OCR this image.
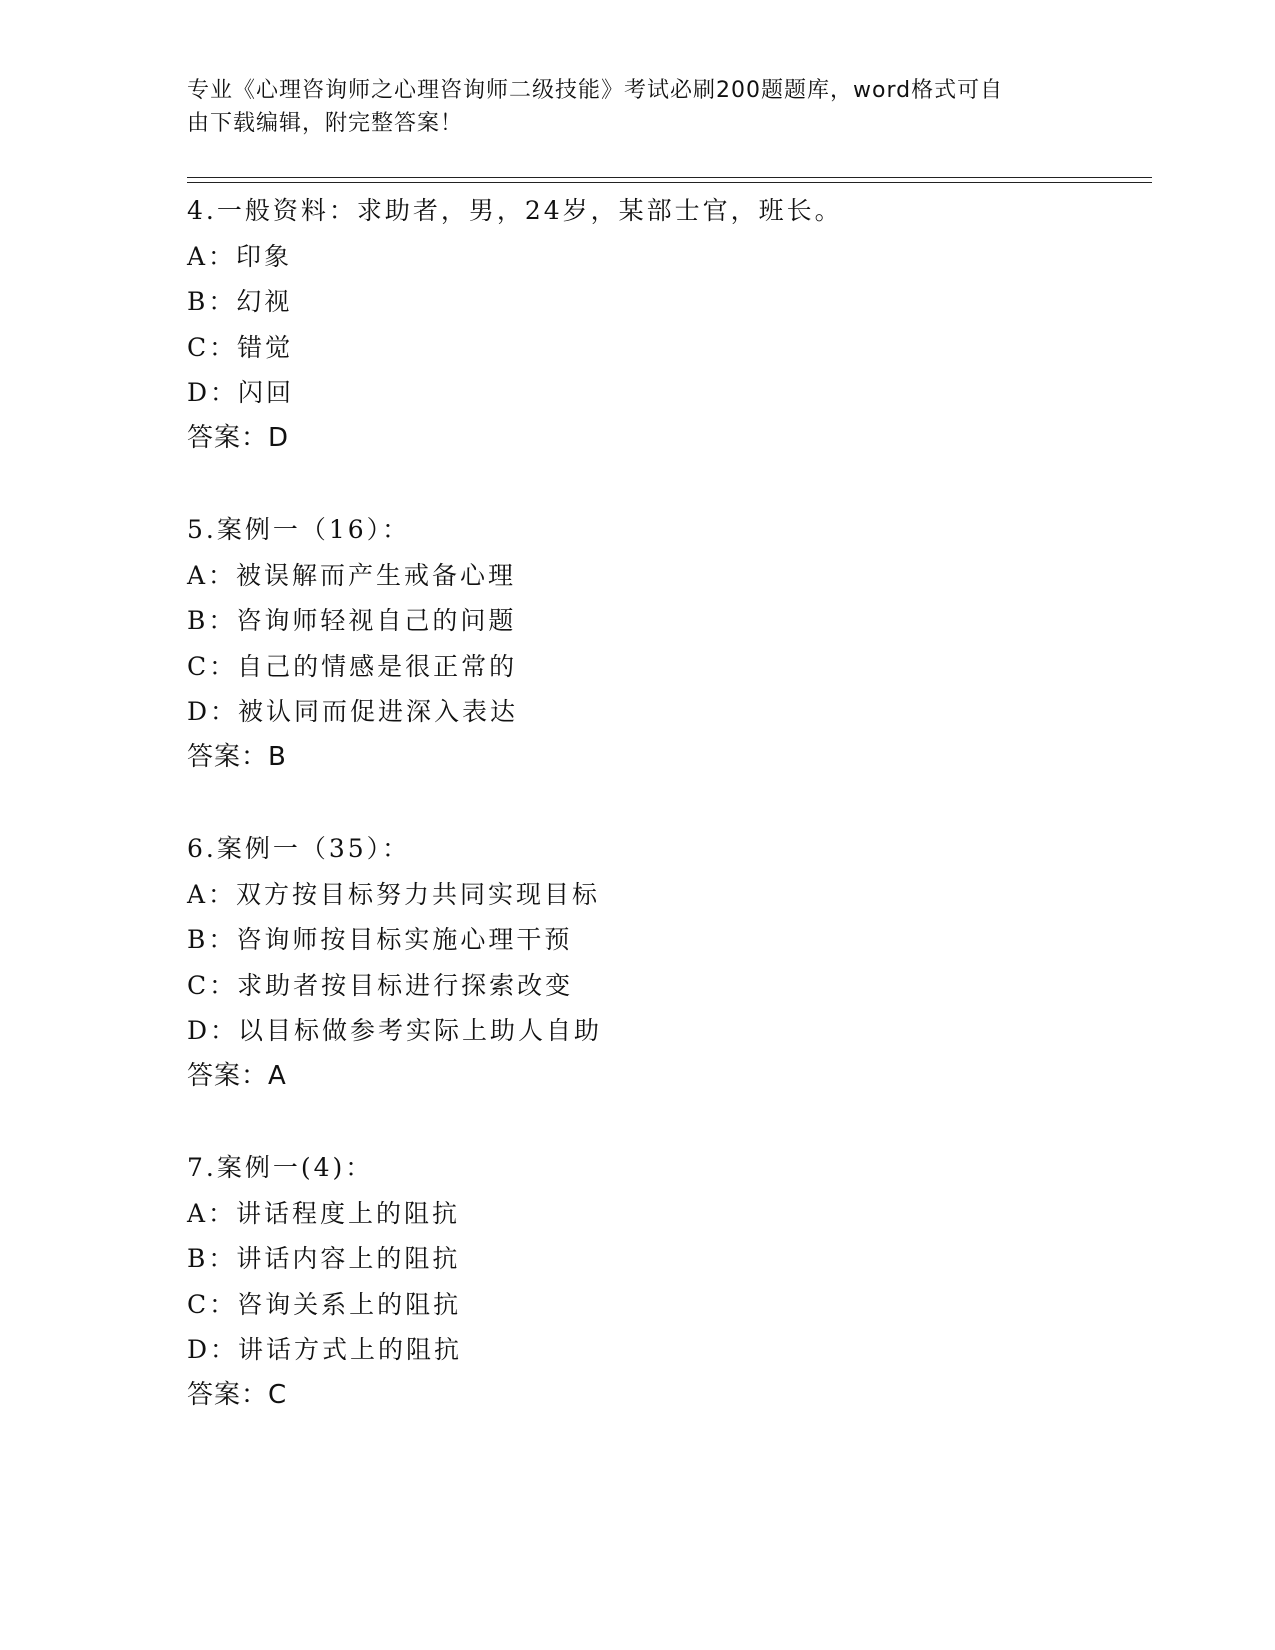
专业《心理咨询师之心理咨询师二级技能》考试必刷200题题库，word格式可自
由下载编辑，附完整答案！
4.一般资料：求助者，男，24岁，某部士官，班长。
A：印象
B：幻视
C：错觉
D：闪回
答案：D
5.案例一（16）：
A：被误解而产生戒备心理
B：咨询师轻视自己的问题
C：自己的情感是很正常的
D：被认同而促进深入表达
答案：B
6.案例一（35）：
A：双方按目标努力共同实现目标
B：咨询师按目标实施心理干预
C：求助者按目标进行探索改变
D：以目标做参考实际上助人自助
答案：A
7.案例一(4)：
A：讲话程度上的阻抗
B：讲话内容上的阻抗
C：咨询关系上的阻抗
D：讲话方式上的阻抗
答案：C
